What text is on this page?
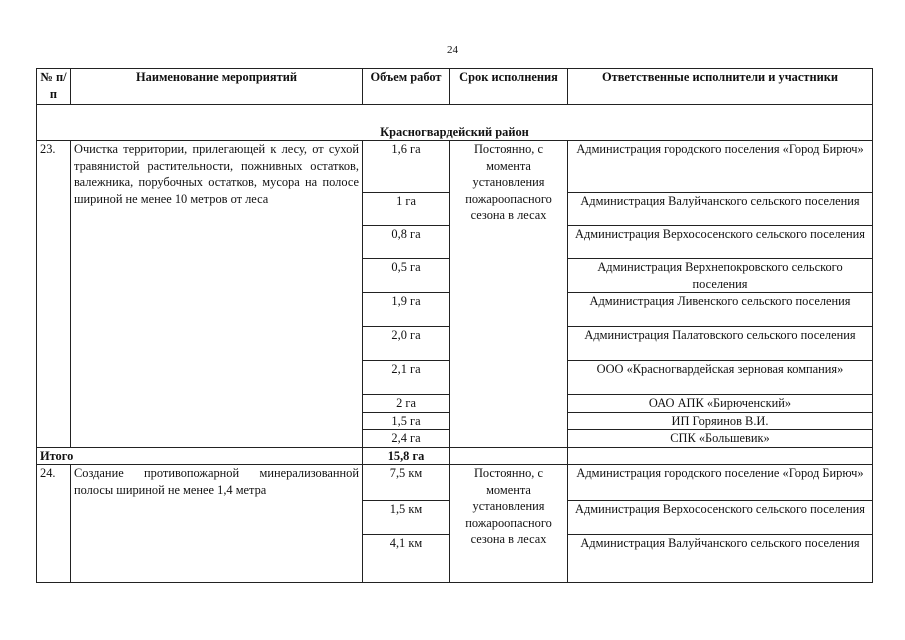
24
№ п/п	Наименование мероприятий	Объем работ	Срок исполнения	Ответственные исполнители и участники
Красногвардейский район				
23.	Очистка территории, прилегающей к лесу, от сухой травянистой растительности, пожнивных остатков, валежника, порубочных остатков, мусора на полосе шириной не менее 10 метров от леса	1,6 га	Постоянно, с момента установления пожароопасного сезона в лесах	Администрация городского поселения «Город Бирюч»
		1 га		Администрация Валуйчанского сельского поселения
		0,8 га		Администрация Верхососенского сельского поселения
		0,5 га		Администрация Верхнепокровского сельского поселения
		1,9 га		Администрация Ливенского сельского поселения
		2,0 га		Администрация Палатовского сельского поселения
		2,1 га		ООО «Красногвардейская зерновая компания»
		2 га		ОАО АПК «Бирюченский»
		1,5 га		ИП Горяинов В.И.
		2,4 га		СПК «Большевик»
Итого		15,8 га		
24.	Создание противопожарной минерализованной полосы шириной не менее 1,4 метра	7,5 км	Постоянно, с момента установления пожароопасного сезона в лесах	Администрация городского поселение «Город Бирюч»
		1,5 км		Администрация Верхососенского сельского поселения
		4,1 км		Администрация Валуйчанского сельского поселения
